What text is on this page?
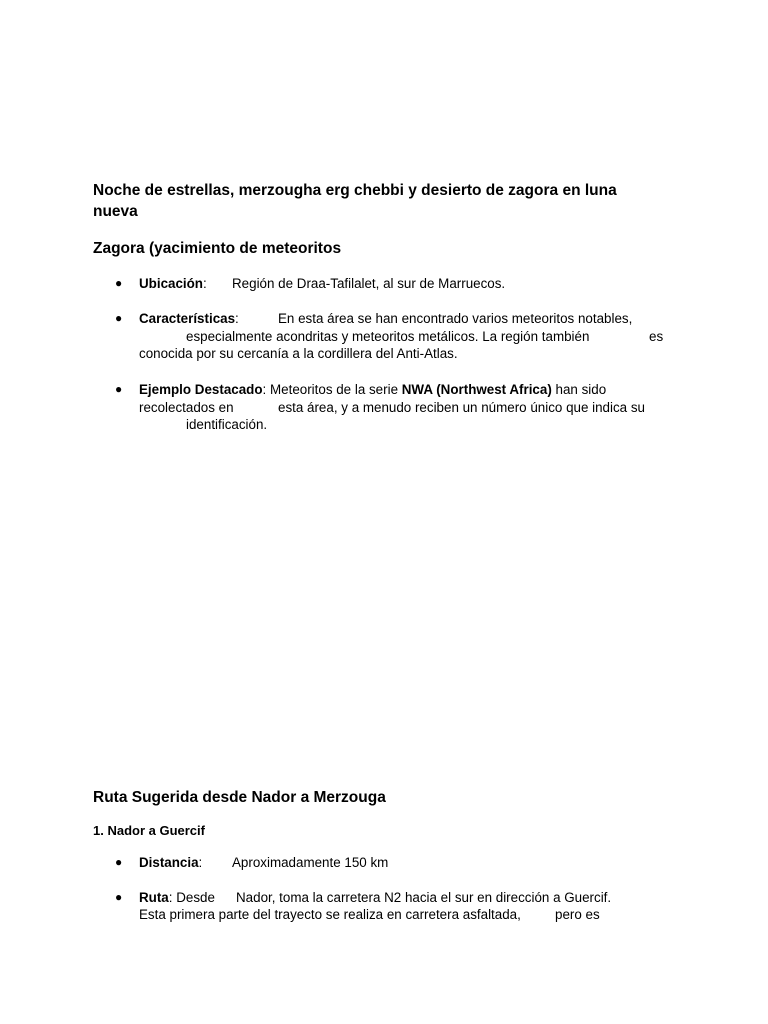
Noche de estrellas, merzougha erg chebbi y desierto de zagora en luna
nueva
Zagora (yacimiento de meteoritos
● Ubicación: Región de Draa-Tafilalet, al sur de Marruecos.
● Características:	En esta área se han encontrado varios meteoritos notables,
especialmente acondritas y meteoritos metálicos. La región también	es
conocida por su cercanía a la cordillera del Anti-Atlas.
● Ejemplo Destacado: Meteoritos de la serie NWA (Northwest Africa) han sido
recolectados en	esta área, y a menudo reciben un número único que indica su
identificación.
Ruta Sugerida desde Nador a Merzouga
1. Nador a Guercif
● Distancia: Aproximadamente 150 km
● Ruta: Desde Nador, toma la carretera N2 hacia el sur en dirección a Guercif.
Esta primera parte del trayecto se realiza en carretera asfaltada,	pero es
